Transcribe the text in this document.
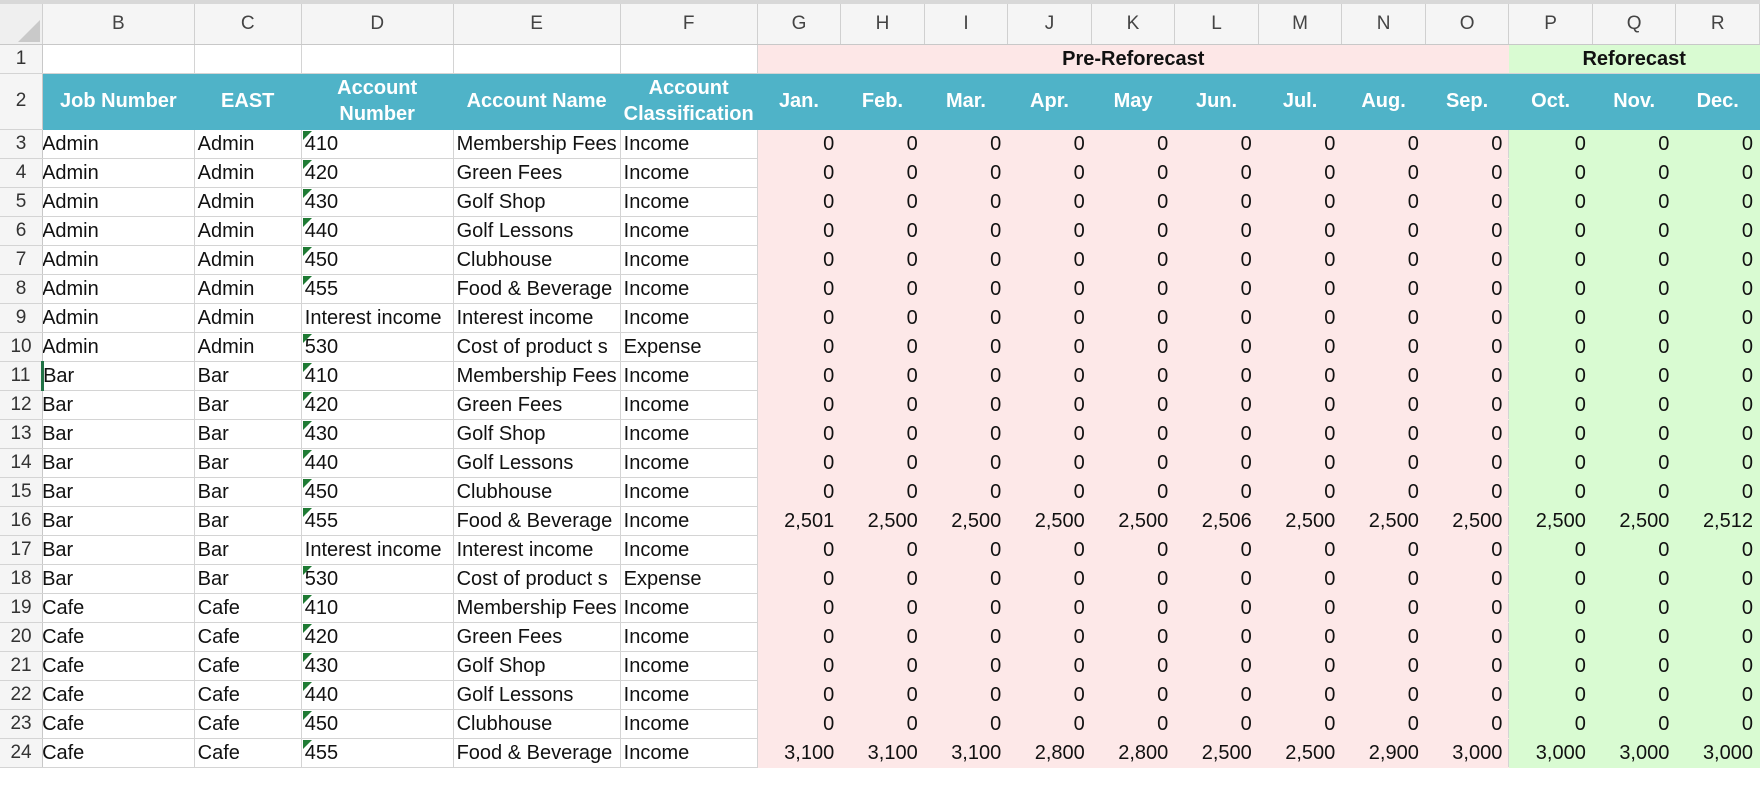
	B	C	D	E	F	G	H	I	J	K	L	M	N	O	P	Q	R
1						Pre-Reforecast									Reforecast		
2	Job Number	EAST	Account Number	Account Name	Account Classification	Jan.	Feb.	Mar.	Apr.	May	Jun.	Jul.	Aug.	Sep.	Oct.	Nov.	Dec.
3	Admin	Admin	410	Membership Fees	Income	0	0	0	0	0	0	0	0	0	0	0	0
4	Admin	Admin	420	Green Fees	Income	0	0	0	0	0	0	0	0	0	0	0	0
5	Admin	Admin	430	Golf Shop	Income	0	0	0	0	0	0	0	0	0	0	0	0
6	Admin	Admin	440	Golf Lessons	Income	0	0	0	0	0	0	0	0	0	0	0	0
7	Admin	Admin	450	Clubhouse	Income	0	0	0	0	0	0	0	0	0	0	0	0
8	Admin	Admin	455	Food & Beverage	Income	0	0	0	0	0	0	0	0	0	0	0	0
9	Admin	Admin	Interest income	Interest income	Income	0	0	0	0	0	0	0	0	0	0	0	0
10	Admin	Admin	530	Cost of product s	Expense	0	0	0	0	0	0	0	0	0	0	0	0
11	Bar	Bar	410	Membership Fees	Income	0	0	0	0	0	0	0	0	0	0	0	0
12	Bar	Bar	420	Green Fees	Income	0	0	0	0	0	0	0	0	0	0	0	0
13	Bar	Bar	430	Golf Shop	Income	0	0	0	0	0	0	0	0	0	0	0	0
14	Bar	Bar	440	Golf Lessons	Income	0	0	0	0	0	0	0	0	0	0	0	0
15	Bar	Bar	450	Clubhouse	Income	0	0	0	0	0	0	0	0	0	0	0	0
16	Bar	Bar	455	Food & Beverage	Income	2,501	2,500	2,500	2,500	2,500	2,506	2,500	2,500	2,500	2,500	2,500	2,512
17	Bar	Bar	Interest income	Interest income	Income	0	0	0	0	0	0	0	0	0	0	0	0
18	Bar	Bar	530	Cost of product s	Expense	0	0	0	0	0	0	0	0	0	0	0	0
19	Cafe	Cafe	410	Membership Fees	Income	0	0	0	0	0	0	0	0	0	0	0	0
20	Cafe	Cafe	420	Green Fees	Income	0	0	0	0	0	0	0	0	0	0	0	0
21	Cafe	Cafe	430	Golf Shop	Income	0	0	0	0	0	0	0	0	0	0	0	0
22	Cafe	Cafe	440	Golf Lessons	Income	0	0	0	0	0	0	0	0	0	0	0	0
23	Cafe	Cafe	450	Clubhouse	Income	0	0	0	0	0	0	0	0	0	0	0	0
24	Cafe	Cafe	455	Food & Beverage	Income	3,100	3,100	3,100	2,800	2,800	2,500	2,500	2,900	3,000	3,000	3,000	3,000
